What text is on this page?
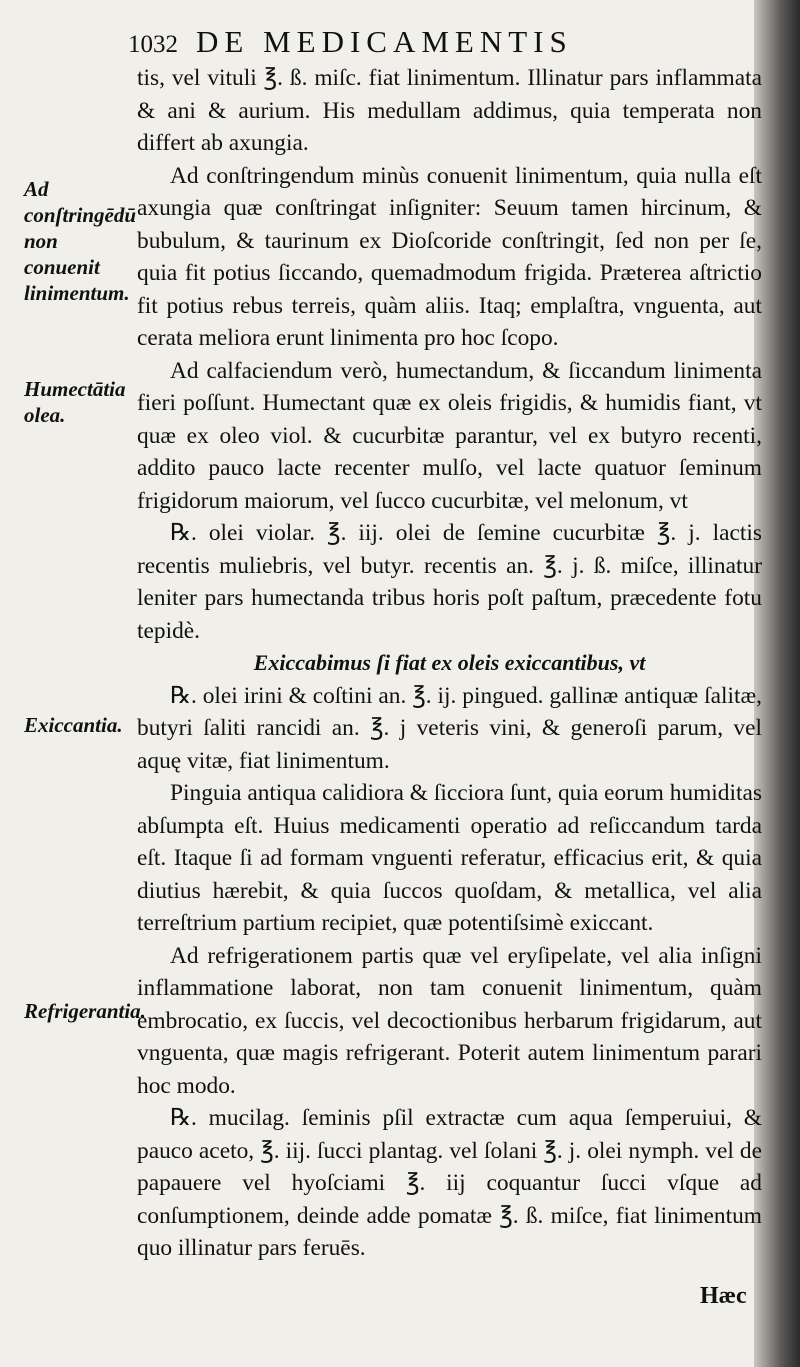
1032 DE MEDICAMENTIS
Ad conſtringēdū non conuenit linimentum.
Humectātia olea.
Exiccantia.
Refrigerantia.

tis, vel vituli ℥. ß. miſc. fiat linimentum. Illinatur pars inflammata & ani & aurium. His medullam addimus, quia temperata non differt ab axungia.

Ad conſtringendum minùs conuenit linimentum, quia nulla eſt axungia quæ conſtringat inſigniter: Seuum tamen hircinum, & bubulum, & taurinum ex Dioſcoride conſtringit, ſed non per ſe, quia fit potius ſiccando, quemadmodum frigida. Præterea aſtrictio fit potius rebus terreis, quàm aliis. Itaq; emplaſtra, vnguenta, aut cerata meliora erunt linimenta pro hoc ſcopo.

Ad calfaciendum verò, humectandum, & ſiccandum linimenta fieri poſſunt. Humectant quæ ex oleis frigidis, & humidis fiant, vt quæ ex oleo viol. & cucurbitæ parantur, vel ex butyro recenti, addito pauco lacte recenter mulſo, vel lacte quatuor ſeminum frigidorum maiorum, vel ſucco cucurbitæ, vel melonum, vt

℞. olei violar. ℥. iij. olei de ſemine cucurbitæ ℥. j. lactis recentis muliebris, vel butyr. recentis an. ℥. j. ß. miſce, illinatur leniter pars humectanda tribus horis poſt paſtum, præcedente fotu tepidè.

Exiccabimus ſi fiat ex oleis exiccantibus, vt

℞. olei irini & coſtini an. ℥. ij. pingued. gallinæ antiquæ ſalitæ, butyri ſaliti rancidi an. ℥. j veteris vini, & generoſi parum, vel aquę vitæ, fiat linimentum.

Pinguia antiqua calidiora & ſicciora ſunt, quia eorum humiditas abſumpta eſt. Huius medicamenti operatio ad reſiccandum tarda eſt. Itaque ſi ad formam vnguenti referatur, efficacius erit, & quia diutius hærebit, & quia ſuccos quoſdam, & metallica, vel alia terreſtrium partium recipiet, quæ potentiſsimè exiccant.

Ad refrigerationem partis quæ vel eryſipelate, vel alia inſigni inflammatione laborat, non tam conuenit linimentum, quàm embrocatio, ex ſuccis, vel decoctionibus herbarum frigidarum, aut vnguenta, quæ magis refrigerant. Poterit autem linimentum parari hoc modo.

℞. mucilag. ſeminis pſil extractæ cum aqua ſemperuiui, & pauco aceto, ℥. iij. ſucci plantag. vel ſolani ℥. j. olei nymph. vel de papauere vel hyoſciami ℥. iij coquantur ſucci vſque ad conſumptionem, deinde adde pomatæ ℥. ß. miſce, fiat linimentum quo illinatur pars feruēs.

Hæc
